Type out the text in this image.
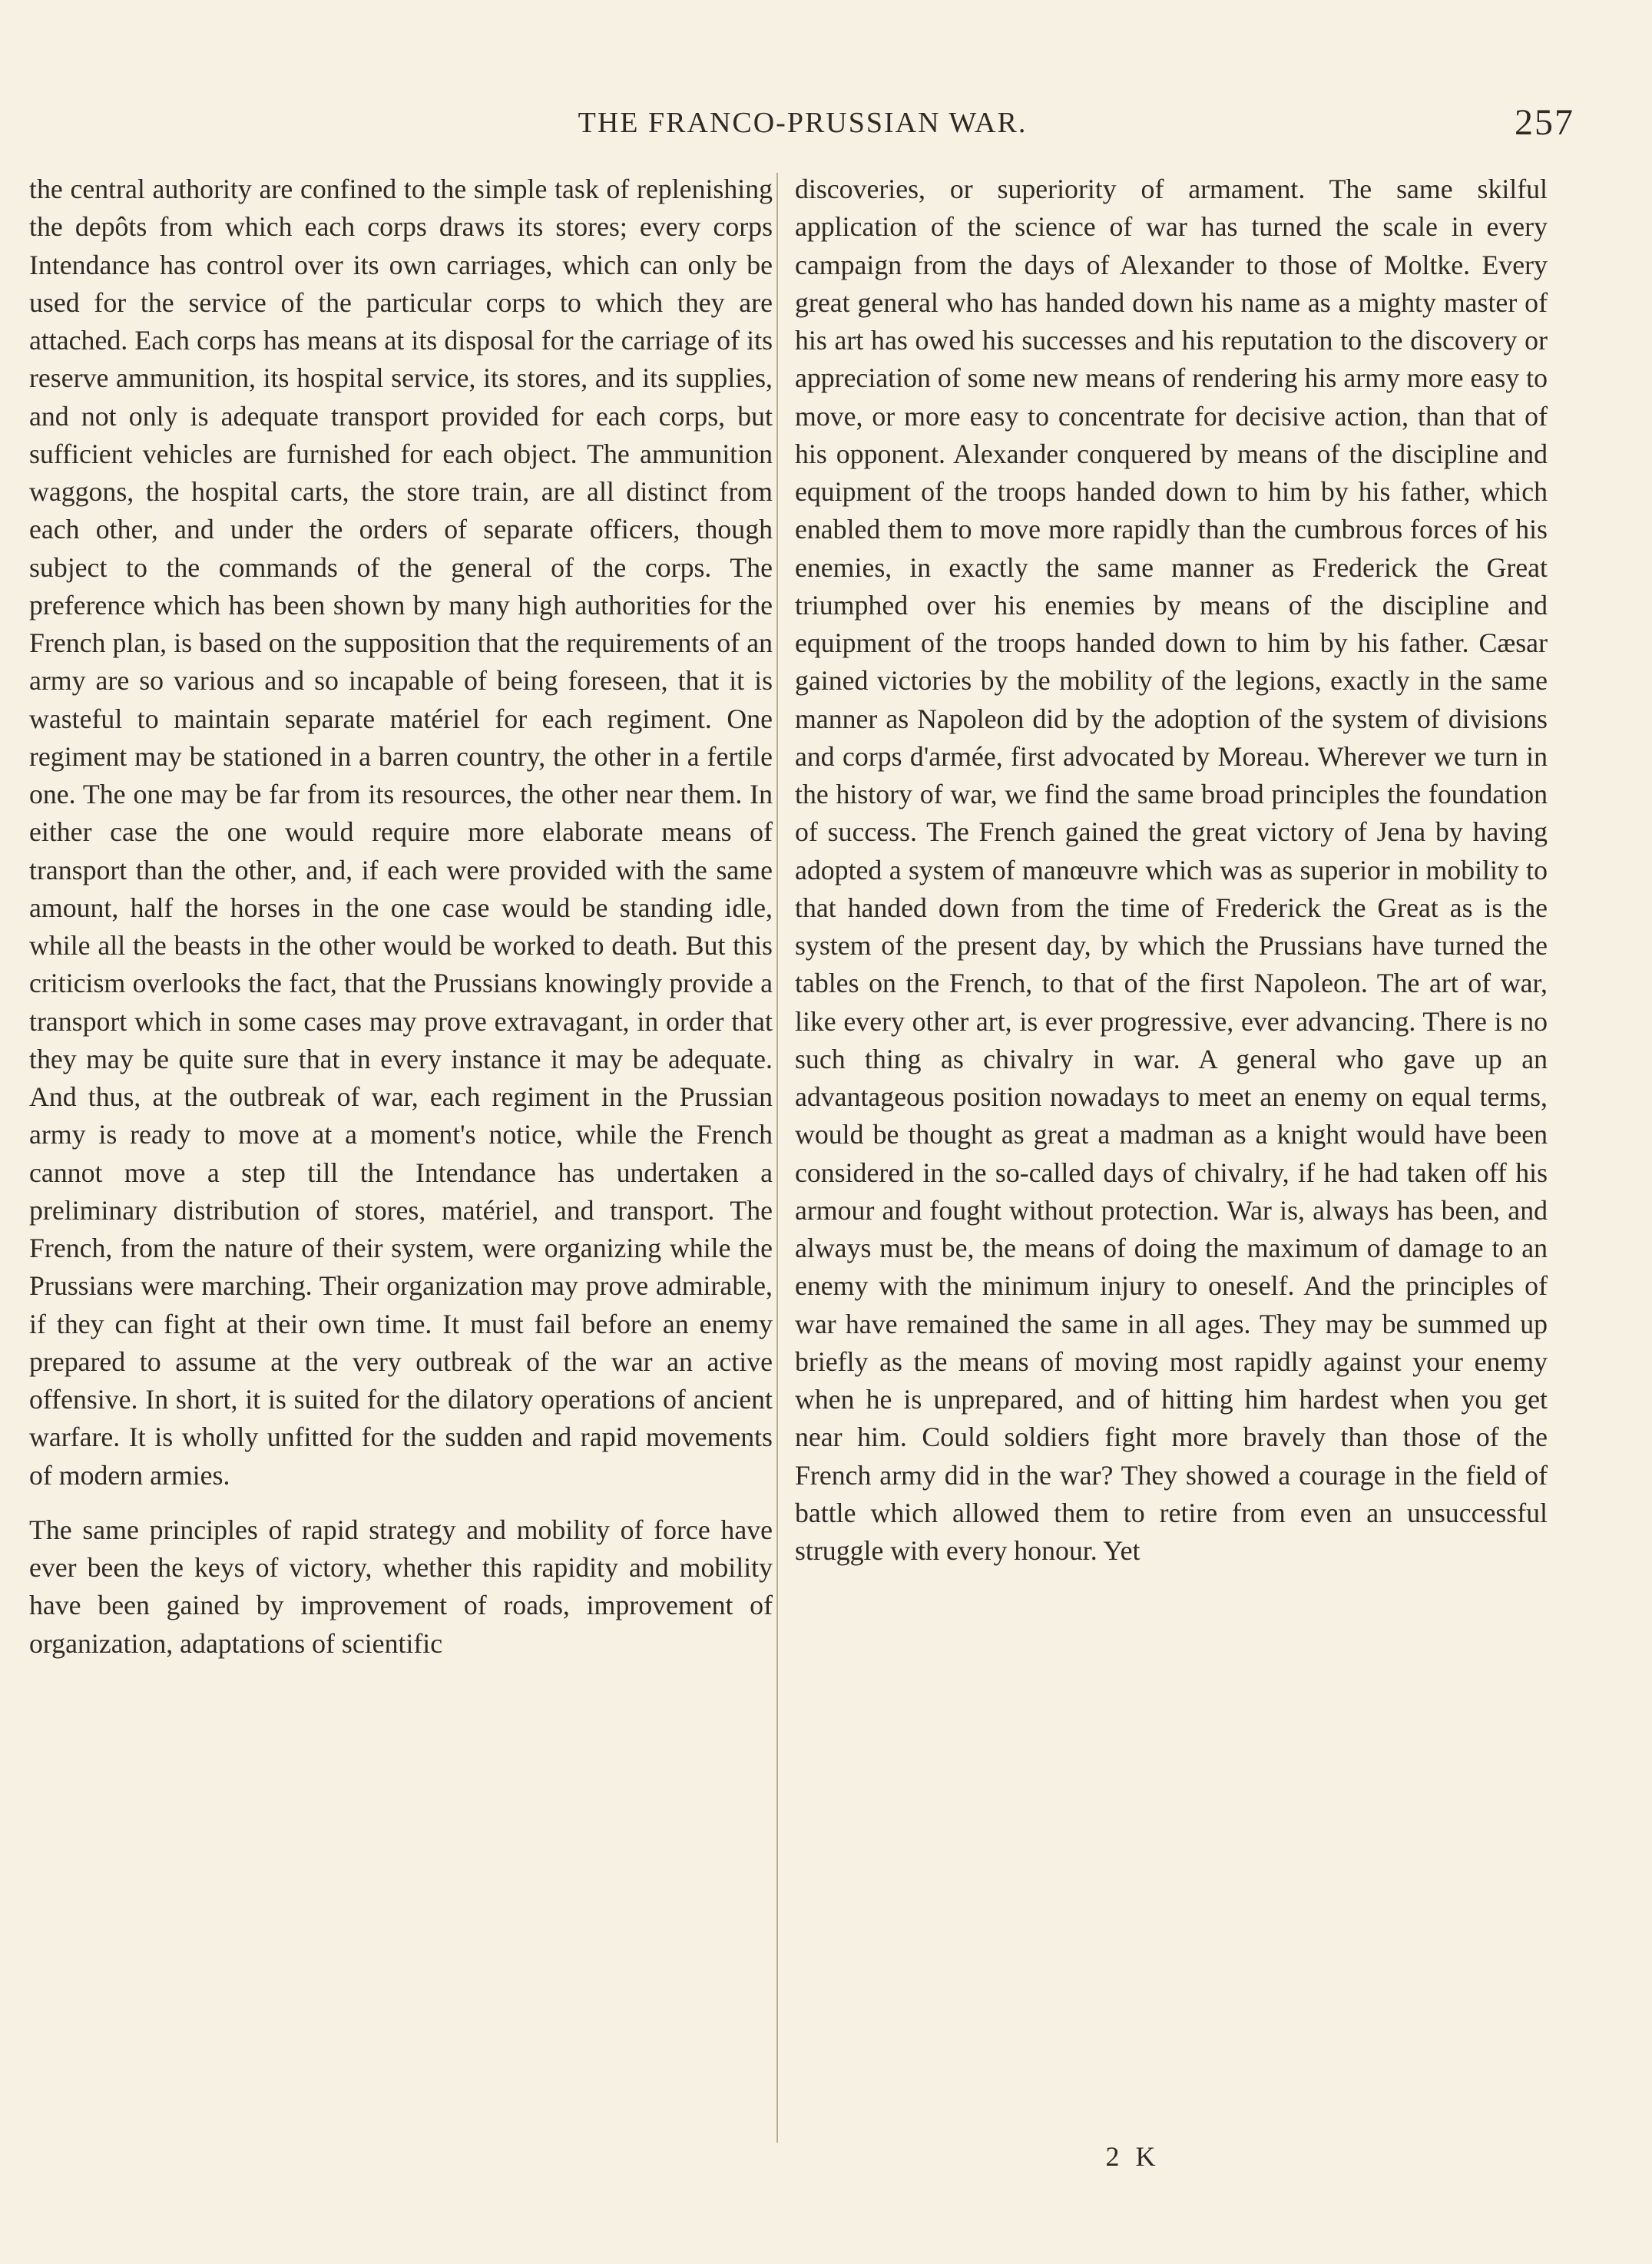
THE FRANCO-PRUSSIAN WAR.	257

the central authority are confined to the simple task of replenishing the depôts from which each corps draws its stores; every corps Intendance has control over its own carriages, which can only be used for the service of the particular corps to which they are attached. Each corps has means at its disposal for the carriage of its reserve ammunition, its hospital service, its stores, and its supplies, and not only is adequate transport provided for each corps, but sufficient vehicles are furnished for each object. The ammunition waggons, the hospital carts, the store train, are all distinct from each other, and under the orders of separate officers, though subject to the commands of the general of the corps. The preference which has been shown by many high authorities for the French plan, is based on the supposition that the requirements of an army are so various and so incapable of being foreseen, that it is wasteful to maintain separate matériel for each regiment. One regiment may be stationed in a barren country, the other in a fertile one. The one may be far from its resources, the other near them. In either case the one would require more elaborate means of transport than the other, and, if each were provided with the same amount, half the horses in the one case would be standing idle, while all the beasts in the other would be worked to death. But this criticism overlooks the fact, that the Prussians knowingly provide a transport which in some cases may prove extravagant, in order that they may be quite sure that in every instance it may be adequate. And thus, at the outbreak of war, each regiment in the Prussian army is ready to move at a moment's notice, while the French cannot move a step till the Intendance has undertaken a preliminary distribution of stores, matériel, and transport. The French, from the nature of their system, were organizing while the Prussians were marching. Their organization may prove admirable, if they can fight at their own time. It must fail before an enemy prepared to assume at the very outbreak of the war an active offensive. In short, it is suited for the dilatory operations of ancient warfare. It is wholly unfitted for the sudden and rapid movements of modern armies.

The same principles of rapid strategy and mobility of force have ever been the keys of victory, whether this rapidity and mobility have been gained by improvement of roads, improvement of organization, adaptations of scientific

discoveries, or superiority of armament. The same skilful application of the science of war has turned the scale in every campaign from the days of Alexander to those of Moltke. Every great general who has handed down his name as a mighty master of his art has owed his successes and his reputation to the discovery or appreciation of some new means of rendering his army more easy to move, or more easy to concentrate for decisive action, than that of his opponent. Alexander conquered by means of the discipline and equipment of the troops handed down to him by his father, which enabled them to move more rapidly than the cumbrous forces of his enemies, in exactly the same manner as Frederick the Great triumphed over his enemies by means of the discipline and equipment of the troops handed down to him by his father. Cæsar gained victories by the mobility of the legions, exactly in the same manner as Napoleon did by the adoption of the system of divisions and corps d'armée, first advocated by Moreau. Wherever we turn in the history of war, we find the same broad principles the foundation of success. The French gained the great victory of Jena by having adopted a system of manœuvre which was as superior in mobility to that handed down from the time of Frederick the Great as is the system of the present day, by which the Prussians have turned the tables on the French, to that of the first Napoleon. The art of war, like every other art, is ever progressive, ever advancing. There is no such thing as chivalry in war. A general who gave up an advantageous position nowadays to meet an enemy on equal terms, would be thought as great a madman as a knight would have been considered in the so-called days of chivalry, if he had taken off his armour and fought without protection. War is, always has been, and always must be, the means of doing the maximum of damage to an enemy with the minimum injury to oneself. And the principles of war have remained the same in all ages. They may be summed up briefly as the means of moving most rapidly against your enemy when he is unprepared, and of hitting him hardest when you get near him. Could soldiers fight more bravely than those of the French army did in the war? They showed a courage in the field of battle which allowed them to retire from even an unsuccessful struggle with every honour. Yet

2 K
